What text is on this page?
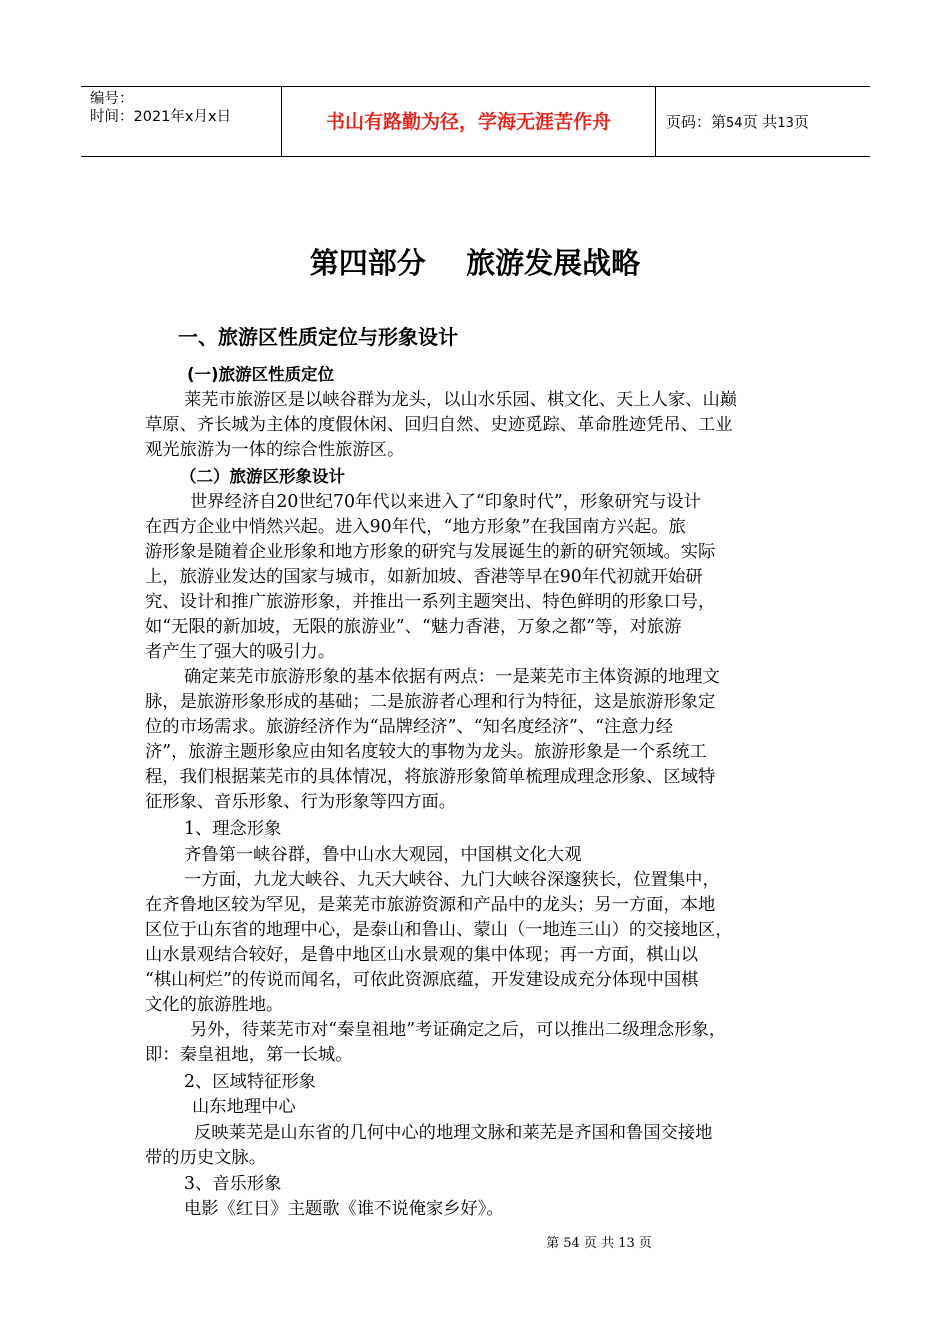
编号：
时间：2021年x月x日	书山有路勤为径，学海无涯苦作舟	页码：第54页 共13页
第四部分    旅游发展战略
一、旅游区性质定位与形象设计
(一)旅游区性质定位
莱芜市旅游区是以峡谷群为龙头，以山水乐园、棋文化、天上人家、山巅
草原、齐长城为主体的度假休闲、回归自然、史迹觅踪、革命胜迹凭吊、工业
观光旅游为一体的综合性旅游区。
（二）旅游区形象设计
世界经济自20世纪70年代以来进入了“印象时代”，形象研究与设计
在西方企业中悄然兴起。进入90年代，“地方形象”在我国南方兴起。旅
游形象是随着企业形象和地方形象的研究与发展诞生的新的研究领域。实际
上，旅游业发达的国家与城市，如新加坡、香港等早在90年代初就开始研
究、设计和推广旅游形象，并推出一系列主题突出、特色鲜明的形象口号，
如“无限的新加坡，无限的旅游业”、“魅力香港，万象之都”等，对旅游
者产生了强大的吸引力。
确定莱芜市旅游形象的基本依据有两点：一是莱芜市主体资源的地理文
脉，是旅游形象形成的基础；二是旅游者心理和行为特征，这是旅游形象定
位的市场需求。旅游经济作为“品牌经济”、“知名度经济”、“注意力经
济”，旅游主题形象应由知名度较大的事物为龙头。旅游形象是一个系统工
程，我们根据莱芜市的具体情况，将旅游形象简单梳理成理念形象、区域特
征形象、音乐形象、行为形象等四方面。
1、理念形象
齐鲁第一峡谷群，鲁中山水大观园，中国棋文化大观
一方面，九龙大峡谷、九天大峡谷、九门大峡谷深邃狭长，位置集中，
在齐鲁地区较为罕见，是莱芜市旅游资源和产品中的龙头；另一方面，本地
区位于山东省的地理中心，是泰山和鲁山、蒙山（一地连三山）的交接地区，
山水景观结合较好，是鲁中地区山水景观的集中体现；再一方面，棋山以
“棋山柯烂”的传说而闻名，可依此资源底蕴，开发建设成充分体现中国棋
文化的旅游胜地。
另外，待莱芜市对“秦皇祖地”考证确定之后，可以推出二级理念形象，
即：秦皇祖地，第一长城。
2、区域特征形象
山东地理中心
反映莱芜是山东省的几何中心的地理文脉和莱芜是齐国和鲁国交接地
带的历史文脉。
3、音乐形象
电影《红日》主题歌《谁不说俺家乡好》。
第 54 页 共 13 页
